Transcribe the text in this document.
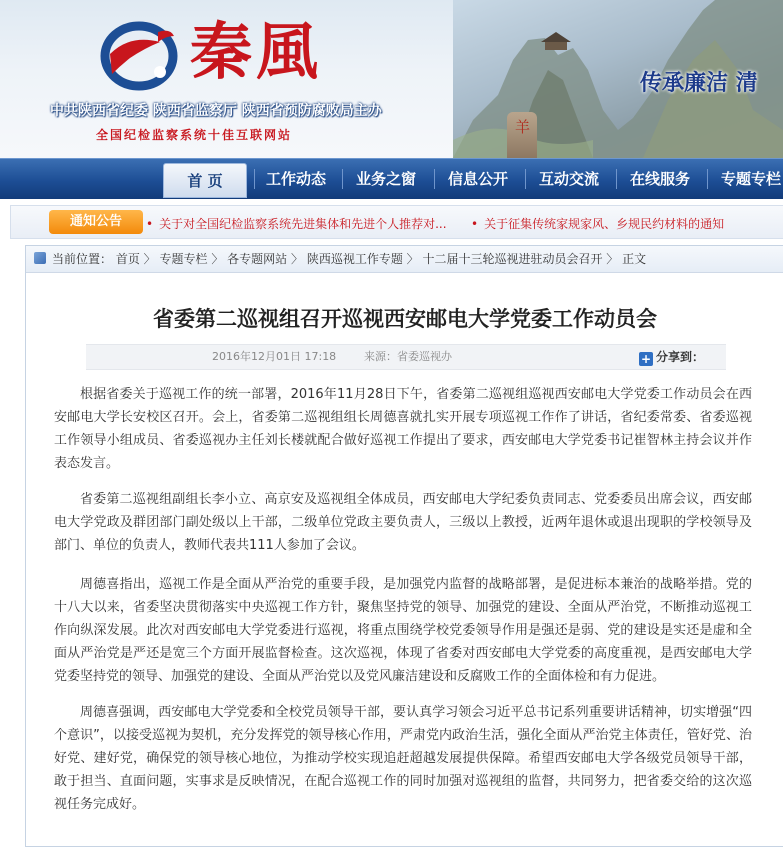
秦風
中共陕西省纪委 陕西省监察厅 陕西省预防腐败局主办
全国纪检监察系统十佳互联网站	羊
传承廉洁 清
首 页	工作动态 业务之窗 信息公开 互动交流 在线服务 专题专栏
通知公告	• 关于对全国纪检监察系统先进集体和先进个人推荐对... • 关于征集传统家规家风、乡规民约材料的通知
当前位置： 首页 〉 专题专栏 〉 各专题网站 〉 陕西巡视工作专题 〉 十二届十三轮巡视进驻动员会召开 〉 正文
省委第二巡视组召开巡视西安邮电大学党委工作动员会
2016年12月01日 17:18	来源：省委巡视办	+ 分享到：

根据省委关于巡视工作的统一部署，2016年11月28日下午，省委第二巡视组巡视西安邮电大学党委工作动员会在西安邮电大学长安校区召开。会上，省委第二巡视组组长周德喜就扎实开展专项巡视工作作了讲话，省纪委常委、省委巡视工作领导小组成员、省委巡视办主任刘长楼就配合做好巡视工作提出了要求，西安邮电大学党委书记崔智林主持会议并作表态发言。

省委第二巡视组副组长李小立、高京安及巡视组全体成员，西安邮电大学纪委负责同志、党委委员出席会议，西安邮电大学党政及群团部门副处级以上干部，二级单位党政主要负责人，三级以上教授，近两年退休或退出现职的学校领导及部门、单位的负责人，教师代表共111人参加了会议。

周德喜指出，巡视工作是全面从严治党的重要手段，是加强党内监督的战略部署，是促进标本兼治的战略举措。党的十八大以来，省委坚决贯彻落实中央巡视工作方针，聚焦坚持党的领导、加强党的建设、全面从严治党，不断推动巡视工作向纵深发展。此次对西安邮电大学党委进行巡视，将重点围绕学校党委领导作用是强还是弱、党的建设是实还是虚和全面从严治党是严还是宽三个方面开展监督检查。这次巡视，体现了省委对西安邮电大学党委的高度重视，是西安邮电大学党委坚持党的领导、加强党的建设、全面从严治党以及党风廉洁建设和反腐败工作的全面体检和有力促进。

周德喜强调，西安邮电大学党委和全校党员领导干部，要认真学习领会习近平总书记系列重要讲话精神，切实增强“四个意识”，以接受巡视为契机，充分发挥党的领导核心作用，严肃党内政治生活，强化全面从严治党主体责任，管好党、治好党、建好党，确保党的领导核心地位，为推动学校实现追赶超越发展提供保障。希望西安邮电大学各级党员领导干部，敢于担当、直面问题，实事求是反映情况，在配合巡视工作的同时加强对巡视组的监督，共同努力，把省委交给的这次巡视任务完成好。
